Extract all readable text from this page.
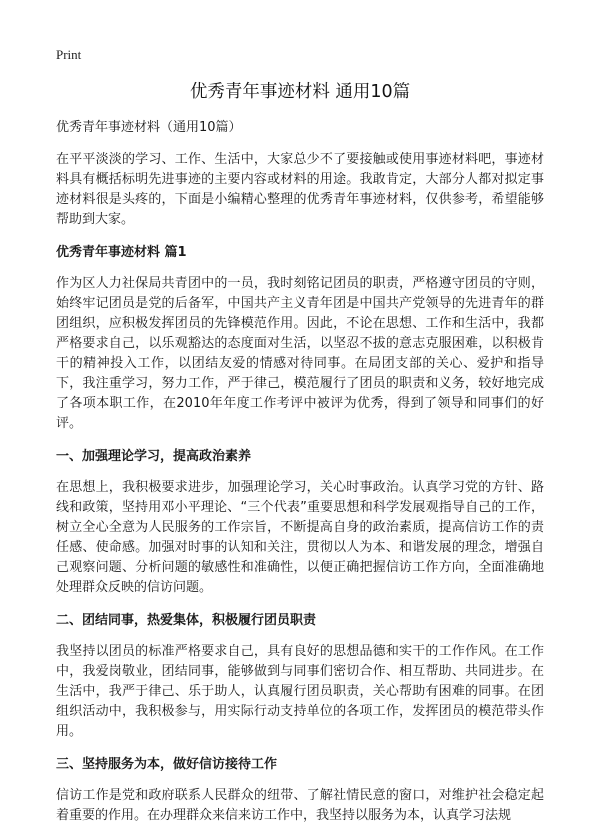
Print
优秀青年事迹材料 通用10篇
优秀青年事迹材料（通用10篇）

在平平淡淡的学习、工作、生活中，大家总少不了要接触或使用事迹材料吧，事迹材料具有概括标明先进事迹的主要内容或材料的用途。我敢肯定，大部分人都对拟定事迹材料很是头疼的，下面是小编精心整理的优秀青年事迹材料，仅供参考，希望能够帮助到大家。

优秀青年事迹材料 篇1

作为区人力社保局共青团中的一员，我时刻铭记团员的职责，严格遵守团员的守则，始终牢记团员是党的后备军，中国共产主义青年团是中国共产党领导的先进青年的群团组织，应积极发挥团员的先锋模范作用。因此，不论在思想、工作和生活中，我都严格要求自己，以乐观豁达的态度面对生活，以坚忍不拔的意志克服困难，以积极肯干的精神投入工作，以团结友爱的情感对待同事。在局团支部的关心、爱护和指导下，我注重学习，努力工作，严于律己，模范履行了团员的职责和义务，较好地完成了各项本职工作，在2010年年度工作考评中被评为优秀，得到了领导和同事们的好评。

一、加强理论学习，提高政治素养

在思想上，我积极要求进步，加强理论学习，关心时事政治。认真学习党的方针、路线和政策，坚持用邓小平理论、“三个代表”重要思想和科学发展观指导自己的工作，树立全心全意为人民服务的工作宗旨，不断提高自身的政治素质，提高信访工作的责任感、使命感。加强对时事的认知和关注，贯彻以人为本、和谐发展的理念，增强自己观察问题、分析问题的敏感性和准确性，以便正确把握信访工作方向，全面准确地处理群众反映的信访问题。

二、团结同事，热爱集体，积极履行团员职责

我坚持以团员的标准严格要求自己，具有良好的思想品德和实干的工作作风。在工作中，我爱岗敬业，团结同事，能够做到与同事们密切合作、相互帮助、共同进步。在生活中，我严于律己、乐于助人，认真履行团员职责，关心帮助有困难的同事。在团组织活动中，我积极参与，用实际行动支持单位的各项工作，发挥团员的模范带头作用。

三、坚持服务为本，做好信访接待工作

信访工作是党和政府联系人民群众的纽带、了解社情民意的窗口，对维护社会稳定起着重要的作用。在办理群众来信来访工作中，我坚持以服务为本，认真学习法规
